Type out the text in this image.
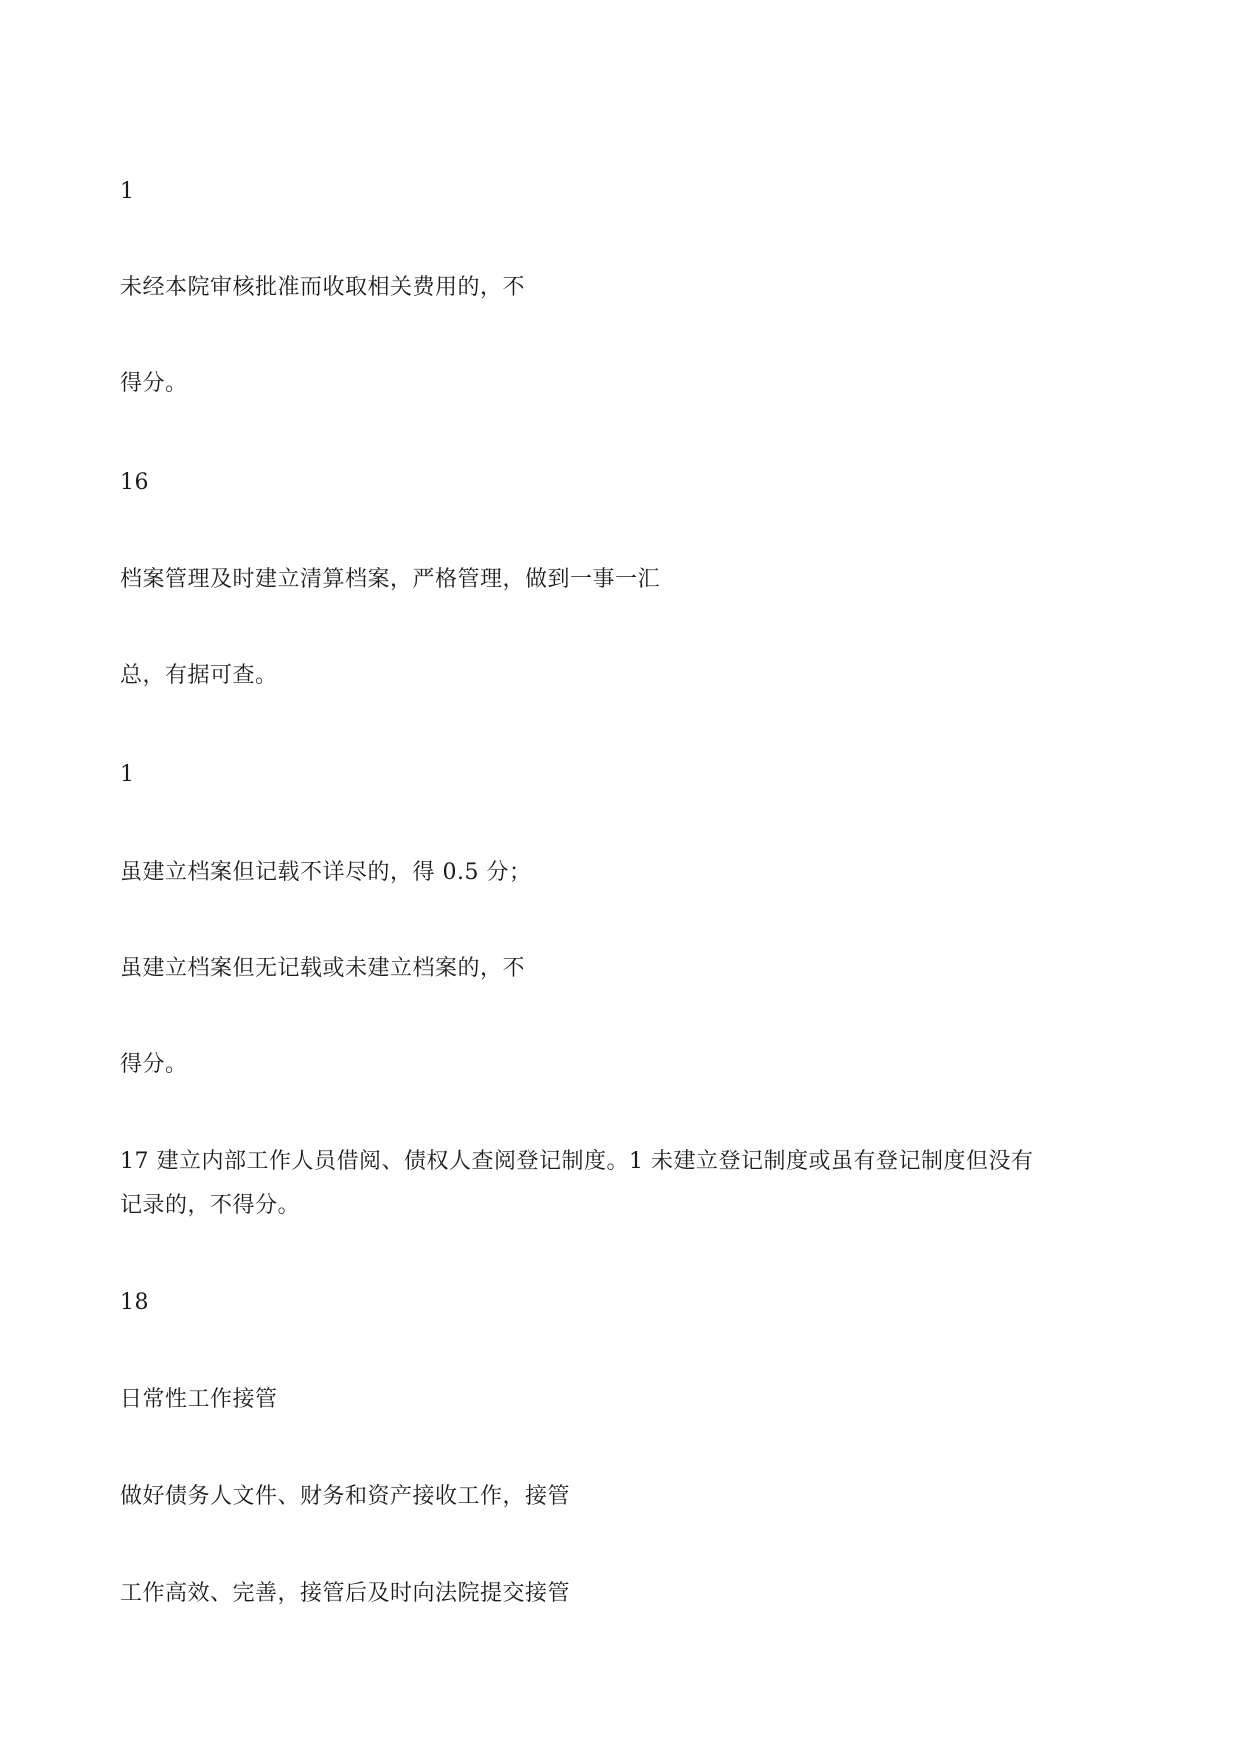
1

未经本院审核批准而收取相关费用的，不

得分。

16

档案管理及时建立清算档案，严格管理，做到一事一汇

总，有据可查。

1

虽建立档案但记载不详尽的，得 0.5 分；

虽建立档案但无记载或未建立档案的，不

得分。

17 建立内部工作人员借阅、债权人查阅登记制度。1 未建立登记制度或虽有登记制度但没有

记录的，不得分。

18

日常性工作接管

做好债务人文件、财务和资产接收工作，接管

工作高效、完善，接管后及时向法院提交接管
